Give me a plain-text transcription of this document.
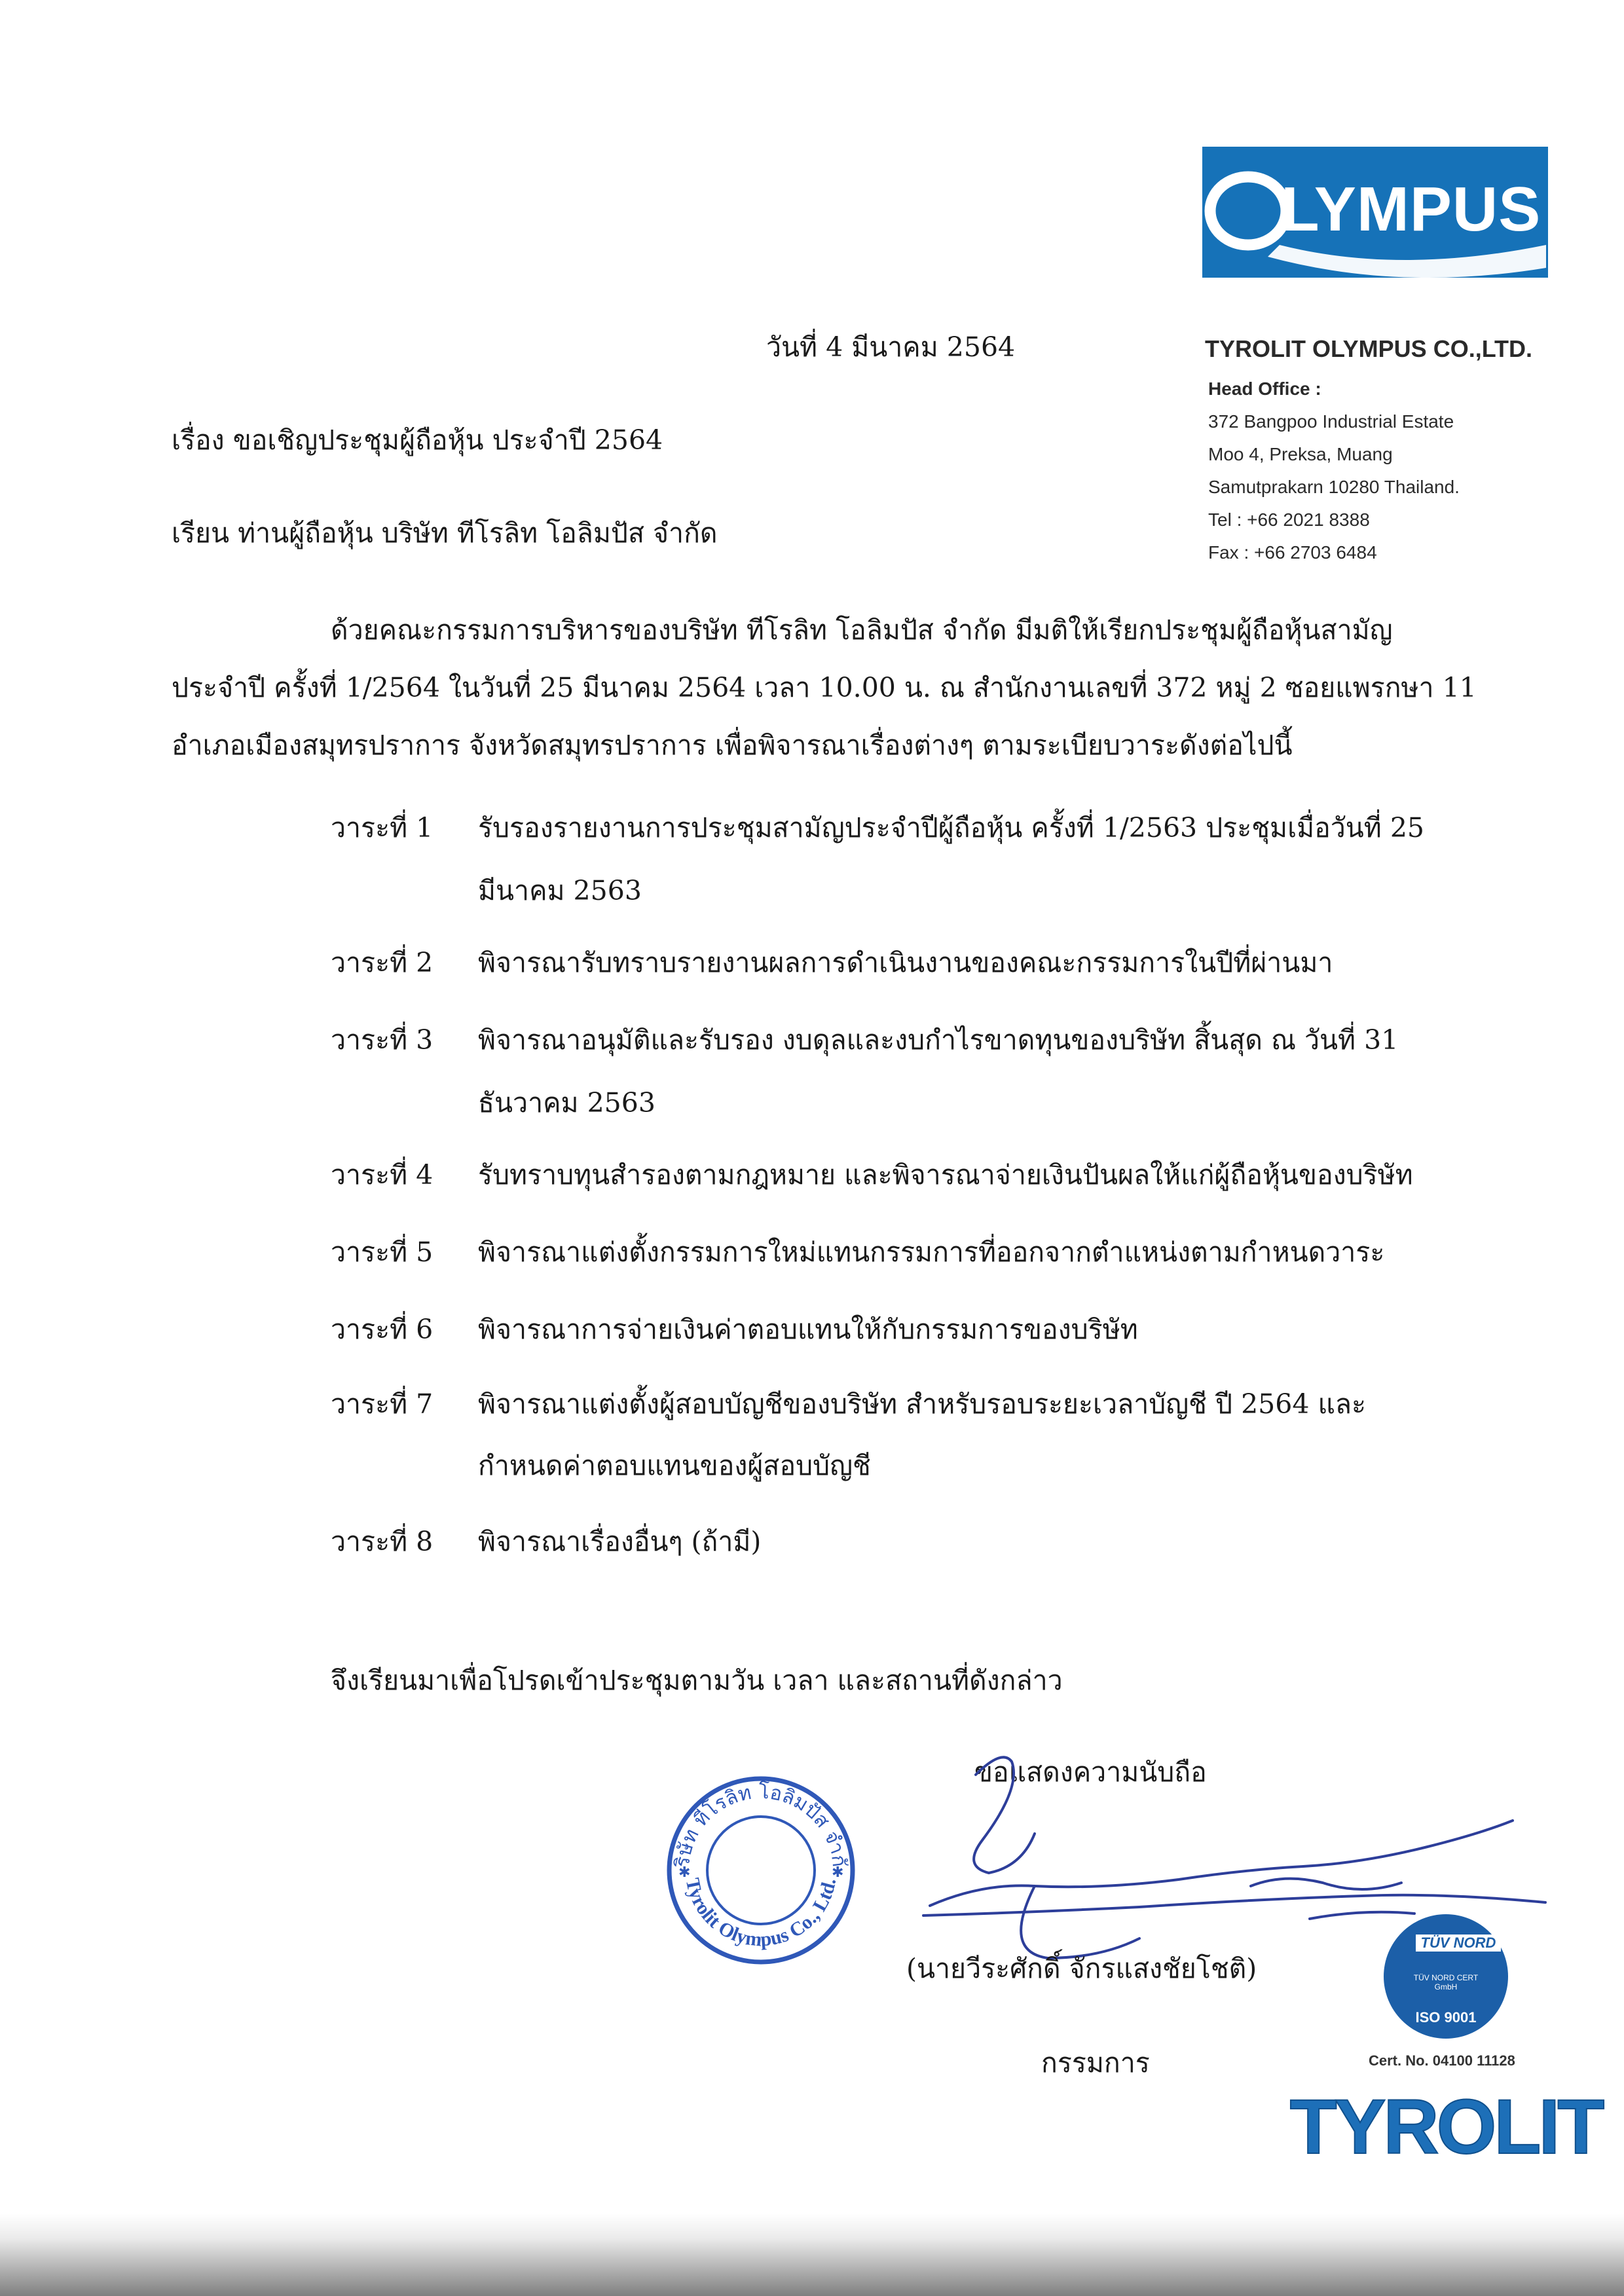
LYMPUS
TYROLIT OLYMPUS CO.,LTD.
Head Office :
372 Bangpoo Industrial Estate
Moo 4, Preksa, Muang
Samutprakarn 10280 Thailand.
Tel : +66 2021 8388
Fax : +66 2703 6484
วันที่ 4 มีนาคม 2564
เรื่อง ขอเชิญประชุมผู้ถือหุ้น ประจำปี 2564
เรียน ท่านผู้ถือหุ้น บริษัท ทีโรลิท โอลิมปัส จำกัด
ด้วยคณะกรรมการบริหารของบริษัท ทีโรลิท โอลิมปัส จำกัด มีมติให้เรียกประชุมผู้ถือหุ้นสามัญ
ประจำปี ครั้งที่ 1/2564 ในวันที่ 25 มีนาคม 2564 เวลา 10.00 น. ณ สำนักงานเลขที่ 372 หมู่ 2 ซอยแพรกษา 11
อำเภอเมืองสมุทรปราการ จังหวัดสมุทรปราการ เพื่อพิจารณาเรื่องต่างๆ ตามระเบียบวาระดังต่อไปนี้
วาระที่ 1 รับรองรายงานการประชุมสามัญประจำปีผู้ถือหุ้น ครั้งที่ 1/2563 ประชุมเมื่อวันที่ 25
มีนาคม 2563
วาระที่ 2 พิจารณารับทราบรายงานผลการดำเนินงานของคณะกรรมการในปีที่ผ่านมา
วาระที่ 3 พิจารณาอนุมัติและรับรอง งบดุลและงบกำไรขาดทุนของบริษัท สิ้นสุด ณ วันที่ 31
ธันวาคม 2563
วาระที่ 4 รับทราบทุนสำรองตามกฎหมาย และพิจารณาจ่ายเงินปันผลให้แก่ผู้ถือหุ้นของบริษัท
วาระที่ 5 พิจารณาแต่งตั้งกรรมการใหม่แทนกรรมการที่ออกจากตำแหน่งตามกำหนดวาระ
วาระที่ 6 พิจารณาการจ่ายเงินค่าตอบแทนให้กับกรรมการของบริษัท
วาระที่ 7 พิจารณาแต่งตั้งผู้สอบบัญชีของบริษัท สำหรับรอบระยะเวลาบัญชี ปี 2564 และ
กำหนดค่าตอบแทนของผู้สอบบัญชี
วาระที่ 8 พิจารณาเรื่องอื่นๆ (ถ้ามี)
จึงเรียนมาเพื่อโปรดเข้าประชุมตามวัน เวลา และสถานที่ดังกล่าว
ขอแสดงความนับถือ
ริษัท ทีโรลิท โอลิมปัส จำกั
Tyrolit Olympus Co., Ltd.
✱	✱
(นายวีระศักดิ์ จักรแสงชัยโชติ)
กรรมการ
TÜV NORD
TÜV NORD CERT
GmbH
ISO 9001
Cert. No. 04100 11128
TYROLIT
